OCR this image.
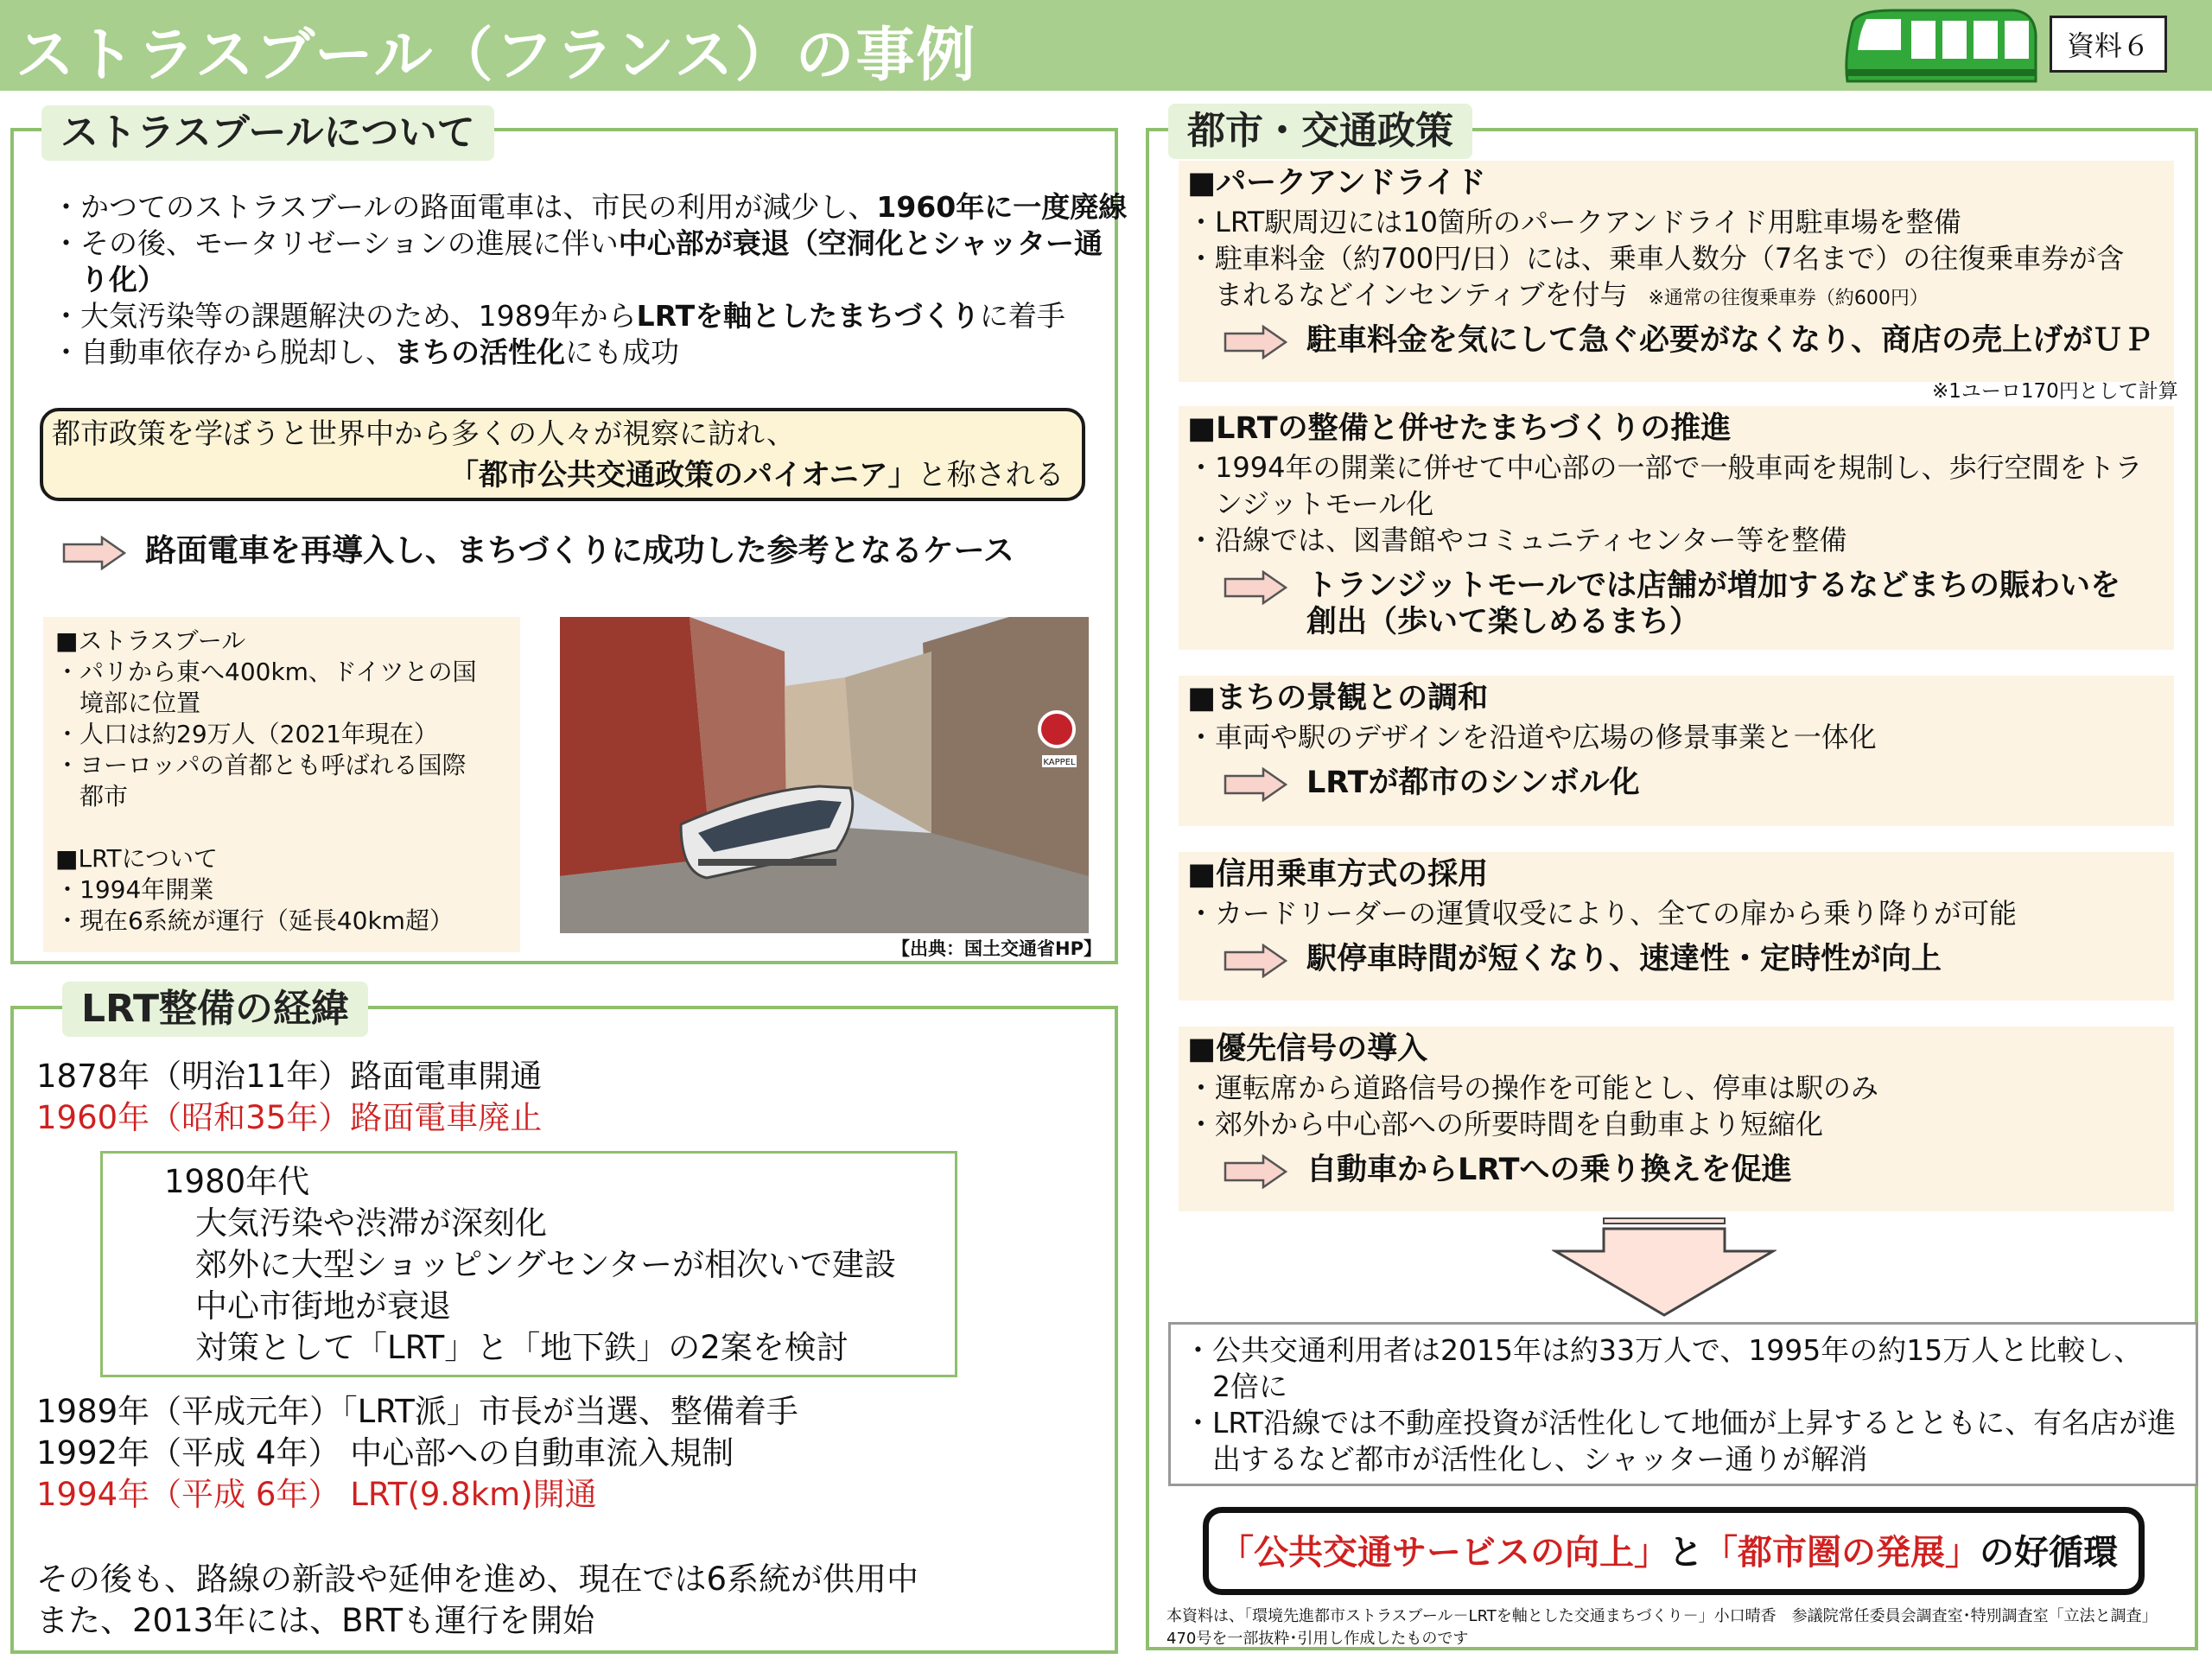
ストラスブール（フランス）の事例	資料６
ストラスブールについて
・かつてのストラスブールの路面電車は、市民の利用が減少し、1960年に一度廃線
・その後、モータリゼーションの進展に伴い中心部が衰退（空洞化とシャッター通
　り化）
・大気汚染等の課題解決のため、1989年からLRTを軸としたまちづくりに着手
・自動車依存から脱却し、まちの活性化にも成功
都市政策を学ぼうと世界中から多くの人々が視察に訪れ、
「都市公共交通政策のパイオニア」と称される
路面電車を再導入し、まちづくりに成功した参考となるケース
■ストラスブール
・パリから東へ400km、ドイツとの国
　境部に位置
・人口は約29万人（2021年現在）
・ヨーロッパの首都とも呼ばれる国際
　都市
■LRTについて
・1994年開業
・現在6系統が運行（延長40km超）
KAPPEL
【出典：国土交通省HP】
LRT整備の経緯
1878年（明治11年）路面電車開通
1960年（昭和35年）路面電車廃止
1980年代
大気汚染や渋滞が深刻化
郊外に大型ショッピングセンターが相次いで建設
中心市街地が衰退
対策として「LRT」と「地下鉄」の2案を検討
1989年（平成元年）「LRT派」市長が当選、整備着手
1992年（平成 4年） 中心部への自動車流入規制
1994年（平成 6年） LRT(9.8km)開通
その後も、路線の新設や延伸を進め、現在では6系統が供用中
また、2013年には、BRTも運行を開始
都市・交通政策
■パークアンドライド
・LRT駅周辺には10箇所のパークアンドライド用駐車場を整備
・駐車料金（約700円/日）には、乗車人数分（7名まで）の往復乗車券が含
　まれるなどインセンティブを付与 ※通常の往復乗車券（約600円）
駐車料金を気にして急ぐ必要がなくなり、商店の売上げがＵＰ
■LRTの整備と併せたまちづくりの推進
・1994年の開業に併せて中心部の一部で一般車両を規制し、歩行空間をトラ
　ンジットモール化
・沿線では、図書館やコミュニティセンター等を整備
トランジットモールでは店舗が増加するなどまちの賑わいを
創出（歩いて楽しめるまち）
■まちの景観との調和
・車両や駅のデザインを沿道や広場の修景事業と一体化
LRTが都市のシンボル化
■信用乗車方式の採用
・カードリーダーの運賃収受により、全ての扉から乗り降りが可能
駅停車時間が短くなり、速達性・定時性が向上
■優先信号の導入
・運転席から道路信号の操作を可能とし、停車は駅のみ
・郊外から中心部への所要時間を自動車より短縮化
自動車からLRTへの乗り換えを促進
※1ユーロ170円として計算
・公共交通利用者は2015年は約33万人で、1995年の約15万人と比較し、
　2倍に
・LRT沿線では不動産投資が活性化して地価が上昇するとともに、有名店が進
　出するなど都市が活性化し、シャッター通りが解消
「公共交通サービスの向上」と「都市圏の発展」の好循環
本資料は、「環境先進都市ストラスブール－LRTを軸とした交通まちづくり－」小口晴香　参議院常任委員会調査室･特別調査室「立法と調査」
470号を一部抜粋･引用し作成したものです
